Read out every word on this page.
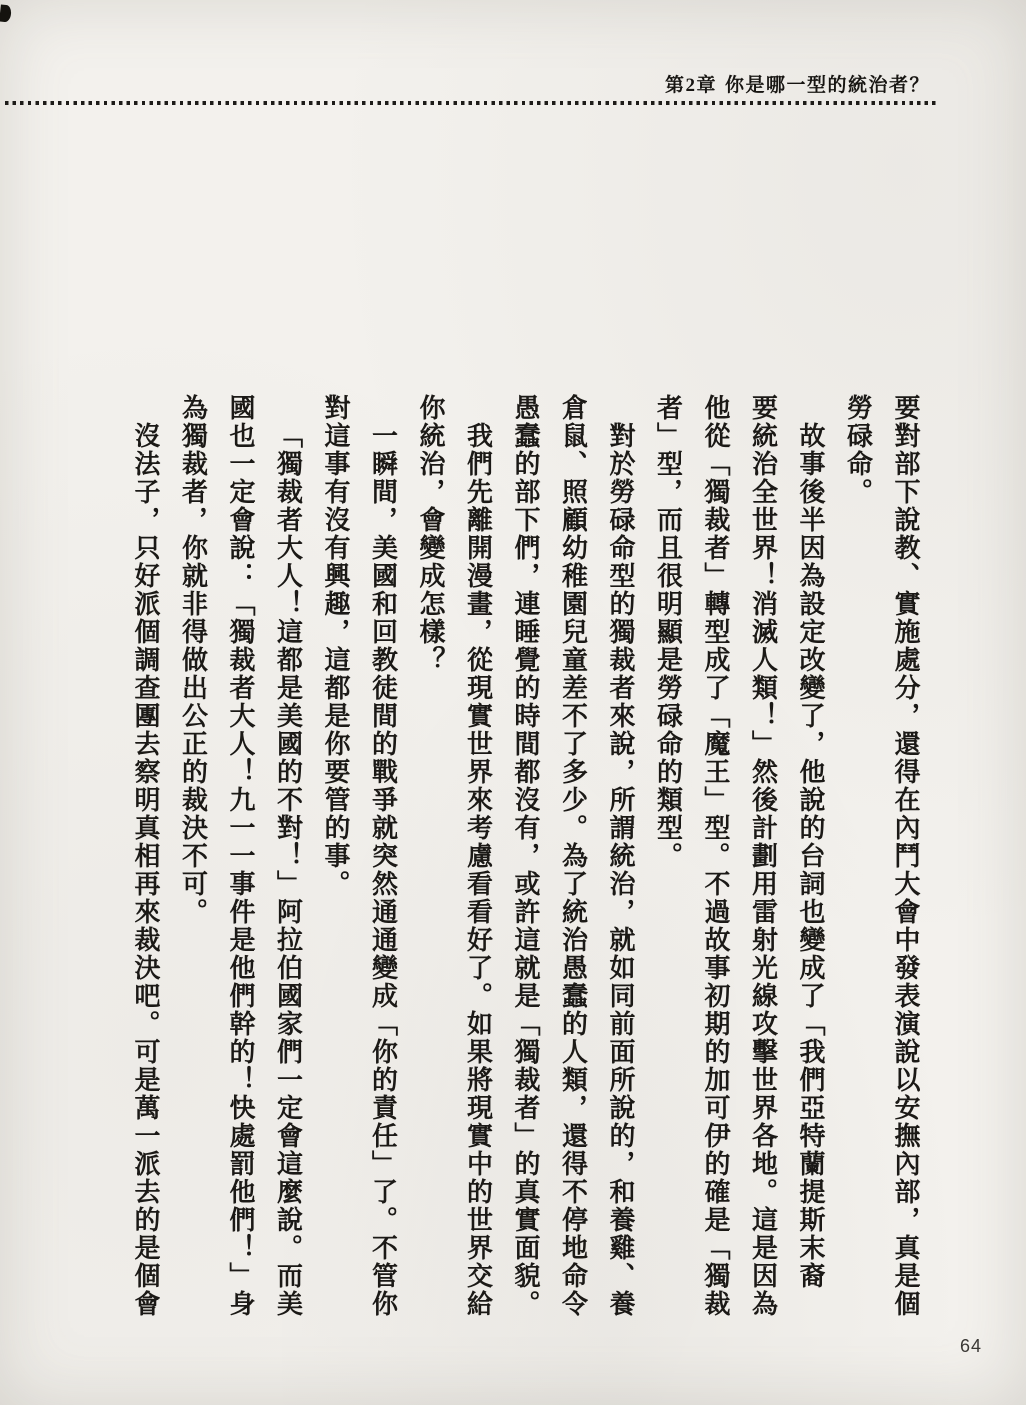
第2章 你是哪一型的統治者？
要對部下說教、實施處分，還得在內鬥大會中發表演說以安撫內部，真是個
勞碌命。
故事後半因為設定改變了，他說的台詞也變成了「我們亞特蘭提斯末裔
要統治全世界！消滅人類！」然後計劃用雷射光線攻擊世界各地。這是因為
他從「獨裁者」轉型成了「魔王」型。不過故事初期的加可伊的確是「獨裁
者」型，而且很明顯是勞碌命的類型。
對於勞碌命型的獨裁者來說，所謂統治，就如同前面所說的，和養雞、養
倉鼠、照顧幼稚園兒童差不了多少。為了統治愚蠢的人類，還得不停地命令
愚蠢的部下們，連睡覺的時間都沒有，或許這就是「獨裁者」的真實面貌。
我們先離開漫畫，從現實世界來考慮看看好了。如果將現實中的世界交給
你統治，會變成怎樣？
一瞬間，美國和回教徒間的戰爭就突然通通變成「你的責任」了。不管你
對這事有沒有興趣，這都是你要管的事。
「獨裁者大人！這都是美國的不對！」阿拉伯國家們一定會這麼說。而美
國也一定會說：「獨裁者大人！九一一事件是他們幹的！快處罰他們！」身
為獨裁者，你就非得做出公正的裁決不可。
沒法子，只好派個調查團去察明真相再來裁決吧。可是萬一派去的是個會
64
